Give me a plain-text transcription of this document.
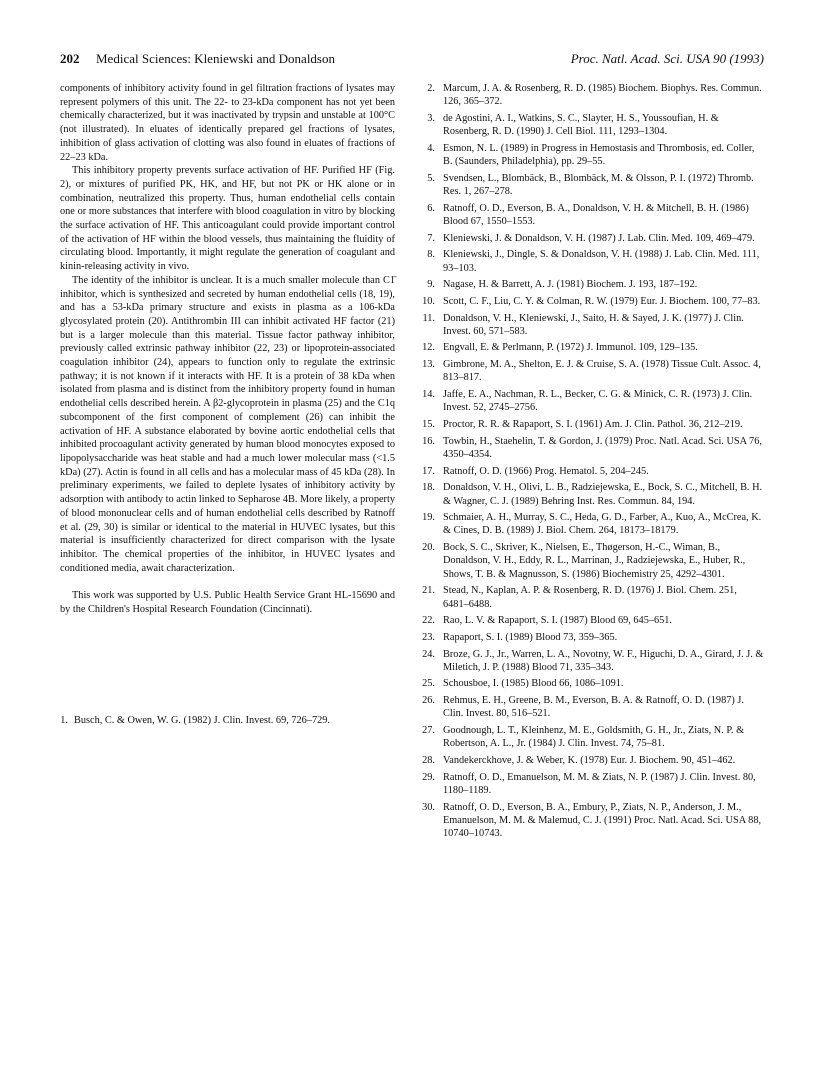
202 Medical Sciences: Kleniewski and Donaldson	Proc. Natl. Acad. Sci. USA 90 (1993)

components of inhibitory activity found in gel filtration fractions of lysates may represent polymers of this unit. The 22- to 23-kDa component has not yet been chemically characterized, but it was inactivated by trypsin and unstable at 100°C (not illustrated). In eluates of identically prepared gel fractions of lysates, inhibition of glass activation of clotting was also found in eluates of fractions of 22–23 kDa.

This inhibitory property prevents surface activation of HF. Purified HF (Fig. 2), or mixtures of purified PK, HK, and HF, but not PK or HK alone or in combination, neutralized this property. Thus, human endothelial cells contain one or more substances that interfere with blood coagulation in vitro by blocking the surface activation of HF. This anticoagulant could provide important control of the activation of HF within the blood vessels, thus maintaining the fluidity of circulating blood. Importantly, it might regulate the generation of coagulant and kinin-releasing activity in vivo.

The identity of the inhibitor is unclear. It is a much smaller molecule than C1̄ inhibitor, which is synthesized and secreted by human endothelial cells (18, 19), and has a 53-kDa primary structure and exists in plasma as a 106-kDa glycosylated protein (20). Antithrombin III can inhibit activated HF factor (21) but is a larger molecule than this material. Tissue factor pathway inhibitor, previously called extrinsic pathway inhibitor (22, 23) or lipoprotein-associated coagulation inhibitor (24), appears to function only to regulate the extrinsic pathway; it is not known if it interacts with HF. It is a protein of 38 kDa when isolated from plasma and is distinct from the inhibitory property found in human endothelial cells described herein. A β2-glycoprotein in plasma (25) and the C1q subcomponent of the first component of complement (26) can inhibit the activation of HF. A substance elaborated by bovine aortic endothelial cells that inhibited procoagulant activity generated by human blood monocytes exposed to lipopolysaccharide was heat stable and had a much lower molecular mass (<1.5 kDa) (27). Actin is found in all cells and has a molecular mass of 45 kDa (28). In preliminary experiments, we failed to deplete lysates of inhibitory activity by adsorption with antibody to actin linked to Sepharose 4B. More likely, a property of blood mononuclear cells and of human endothelial cells described by Ratnoff et al. (29, 30) is similar or identical to the material in HUVEC lysates, but this material is insufficiently characterized for direct comparison with the lysate inhibitor. The chemical properties of the inhibitor, in HUVEC lysates and conditioned media, await characterization.

This work was supported by U.S. Public Health Service Grant HL-15690 and by the Children's Hospital Research Foundation (Cincinnati).

1. Busch, C. & Owen, W. G. (1982) J. Clin. Invest. 69, 726–729.
2. Marcum, J. A. & Rosenberg, R. D. (1985) Biochem. Biophys. Res. Commun. 126, 365–372.
3. de Agostini, A. I., Watkins, S. C., Slayter, H. S., Youssoufian, H. & Rosenberg, R. D. (1990) J. Cell Biol. 111, 1293–1304.
4. Esmon, N. L. (1989) in Progress in Hemostasis and Thrombosis, ed. Coller, B. (Saunders, Philadelphia), pp. 29–55.
5. Svendsen, L., Blombäck, B., Blombäck, M. & Olsson, P. I. (1972) Thromb. Res. 1, 267–278.
6. Ratnoff, O. D., Everson, B. A., Donaldson, V. H. & Mitchell, B. H. (1986) Blood 67, 1550–1553.
7. Kleniewski, J. & Donaldson, V. H. (1987) J. Lab. Clin. Med. 109, 469–479.
8. Kleniewski, J., Dingle, S. & Donaldson, V. H. (1988) J. Lab. Clin. Med. 111, 93–103.
9. Nagase, H. & Barrett, A. J. (1981) Biochem. J. 193, 187–192.
10. Scott, C. F., Liu, C. Y. & Colman, R. W. (1979) Eur. J. Biochem. 100, 77–83.
11. Donaldson, V. H., Kleniewski, J., Saito, H. & Sayed, J. K. (1977) J. Clin. Invest. 60, 571–583.
12. Engvall, E. & Perlmann, P. (1972) J. Immunol. 109, 129–135.
13. Gimbrone, M. A., Shelton, E. J. & Cruise, S. A. (1978) Tissue Cult. Assoc. 4, 813–817.
14. Jaffe, E. A., Nachman, R. L., Becker, C. G. & Minick, C. R. (1973) J. Clin. Invest. 52, 2745–2756.
15. Proctor, R. R. & Rapaport, S. I. (1961) Am. J. Clin. Pathol. 36, 212–219.
16. Towbin, H., Staehelin, T. & Gordon, J. (1979) Proc. Natl. Acad. Sci. USA 76, 4350–4354.
17. Ratnoff, O. D. (1966) Prog. Hematol. 5, 204–245.
18. Donaldson, V. H., Olivi, L. B., Radziejewska, E., Bock, S. C., Mitchell, B. H. & Wagner, C. J. (1989) Behring Inst. Res. Commun. 84, 194.
19. Schmaier, A. H., Murray, S. C., Heda, G. D., Farber, A., Kuo, A., McCrea, K. & Cines, D. B. (1989) J. Biol. Chem. 264, 18173–18179.
20. Bock, S. C., Skriver, K., Nielsen, E., Thøgerson, H.-C., Wiman, B., Donaldson, V. H., Eddy, R. L., Marrinan, J., Radziejewska, E., Huber, R., Shows, T. B. & Magnusson, S. (1986) Biochemistry 25, 4292–4301.
21. Stead, N., Kaplan, A. P. & Rosenberg, R. D. (1976) J. Biol. Chem. 251, 6481–6488.
22. Rao, L. V. & Rapaport, S. I. (1987) Blood 69, 645–651.
23. Rapaport, S. I. (1989) Blood 73, 359–365.
24. Broze, G. J., Jr., Warren, L. A., Novotny, W. F., Higuchi, D. A., Girard, J. J. & Miletich, J. P. (1988) Blood 71, 335–343.
25. Schousboe, I. (1985) Blood 66, 1086–1091.
26. Rehmus, E. H., Greene, B. M., Everson, B. A. & Ratnoff, O. D. (1987) J. Clin. Invest. 80, 516–521.
27. Goodnough, L. T., Kleinhenz, M. E., Goldsmith, G. H., Jr., Ziats, N. P. & Robertson, A. L., Jr. (1984) J. Clin. Invest. 74, 75–81.
28. Vandekerckhove, J. & Weber, K. (1978) Eur. J. Biochem. 90, 451–462.
29. Ratnoff, O. D., Emanuelson, M. M. & Ziats, N. P. (1987) J. Clin. Invest. 80, 1180–1189.
30. Ratnoff, O. D., Everson, B. A., Embury, P., Ziats, N. P., Anderson, J. M., Emanuelson, M. M. & Malemud, C. J. (1991) Proc. Natl. Acad. Sci. USA 88, 10740–10743.
